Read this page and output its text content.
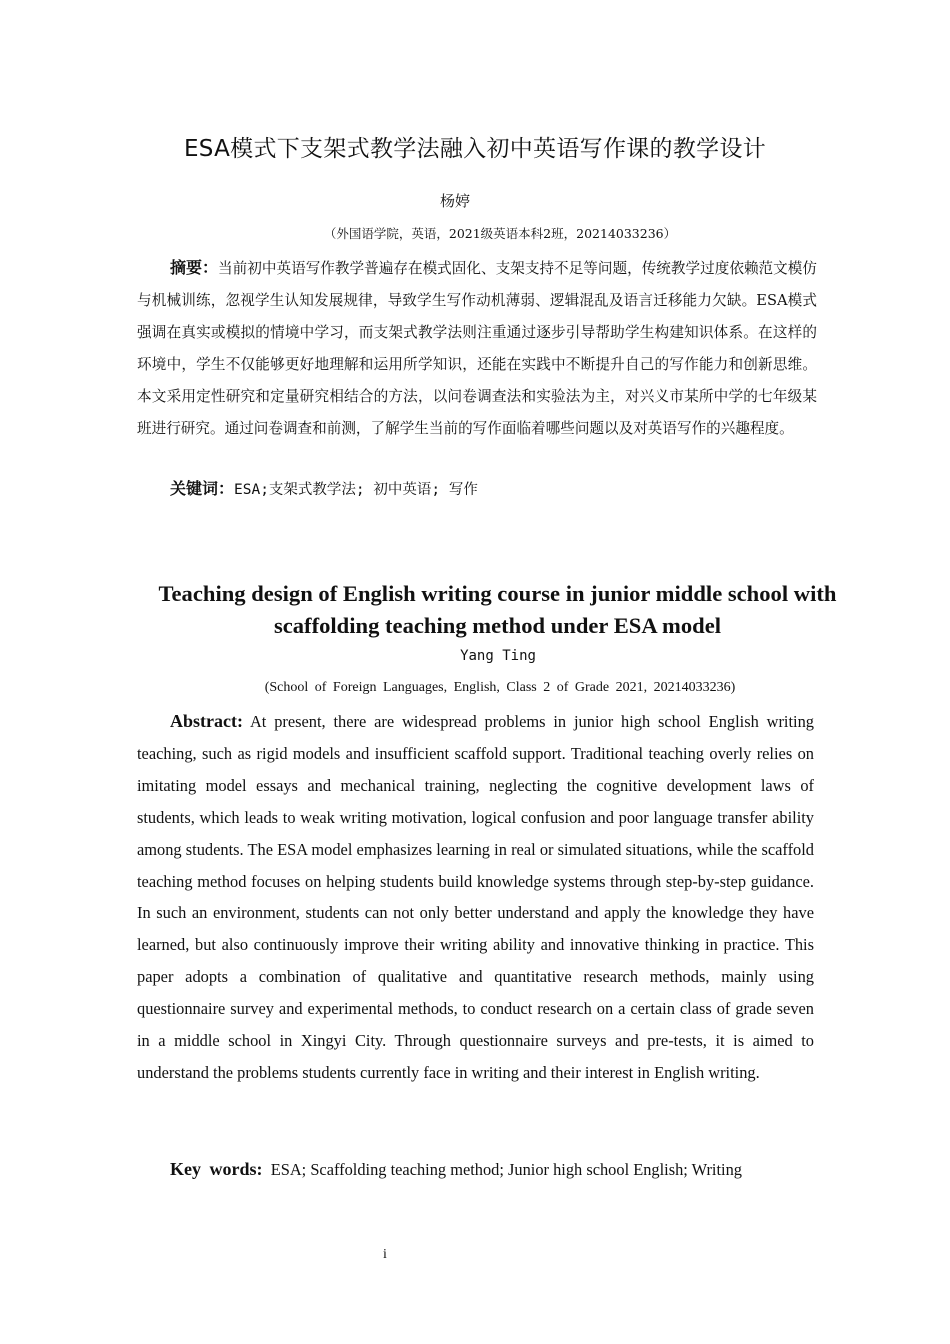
ESA模式下支架式教学法融入初中英语写作课的教学设计
杨婷
（外国语学院，英语，2021级英语本科2班，20214033236）

摘要：当前初中英语写作教学普遍存在模式固化、支架支持不足等问题，传统教学过度依赖范文模仿与机械训练，忽视学生认知发展规律，导致学生写作动机薄弱、逻辑混乱及语言迁移能力欠缺。ESA模式强调在真实或模拟的情境中学习，而支架式教学法则注重通过逐步引导帮助学生构建知识体系。在这样的环境中，学生不仅能够更好地理解和运用所学知识，还能在实践中不断提升自己的写作能力和创新思维。本文采用定性研究和定量研究相结合的方法，以问卷调查法和实验法为主，对兴义市某所中学的七年级某班进行研究。通过问卷调查和前测，了解学生当前的写作面临着哪些问题以及对英语写作的兴趣程度。

关键词：ESA;支架式教学法; 初中英语; 写作

Teaching design of English writing course in junior middle school with scaffolding teaching method under ESA model
Yang Ting
(School of Foreign Languages, English, Class 2 of Grade 2021, 20214033236)

Abstract: At present, there are widespread problems in junior high school English writing teaching, such as rigid models and insufficient scaffold support. Traditional teaching overly relies on imitating model essays and mechanical training, neglecting the cognitive development laws of students, which leads to weak writing motivation, logical confusion and poor language transfer ability among students. The ESA model emphasizes learning in real or simulated situations, while the scaffold teaching method focuses on helping students build knowledge systems through step-by-step guidance. In such an environment, students can not only better understand and apply the knowledge they have learned, but also continuously improve their writing ability and innovative thinking in practice. This paper adopts a combination of qualitative and quantitative research methods, mainly using questionnaire survey and experimental methods, to conduct research on a certain class of grade seven in a middle school in Xingyi City. Through questionnaire surveys and pre-tests, it is aimed to understand the problems students currently face in writing and their interest in English writing.

Key words: ESA; Scaffolding teaching method; Junior high school English; Writing

i
